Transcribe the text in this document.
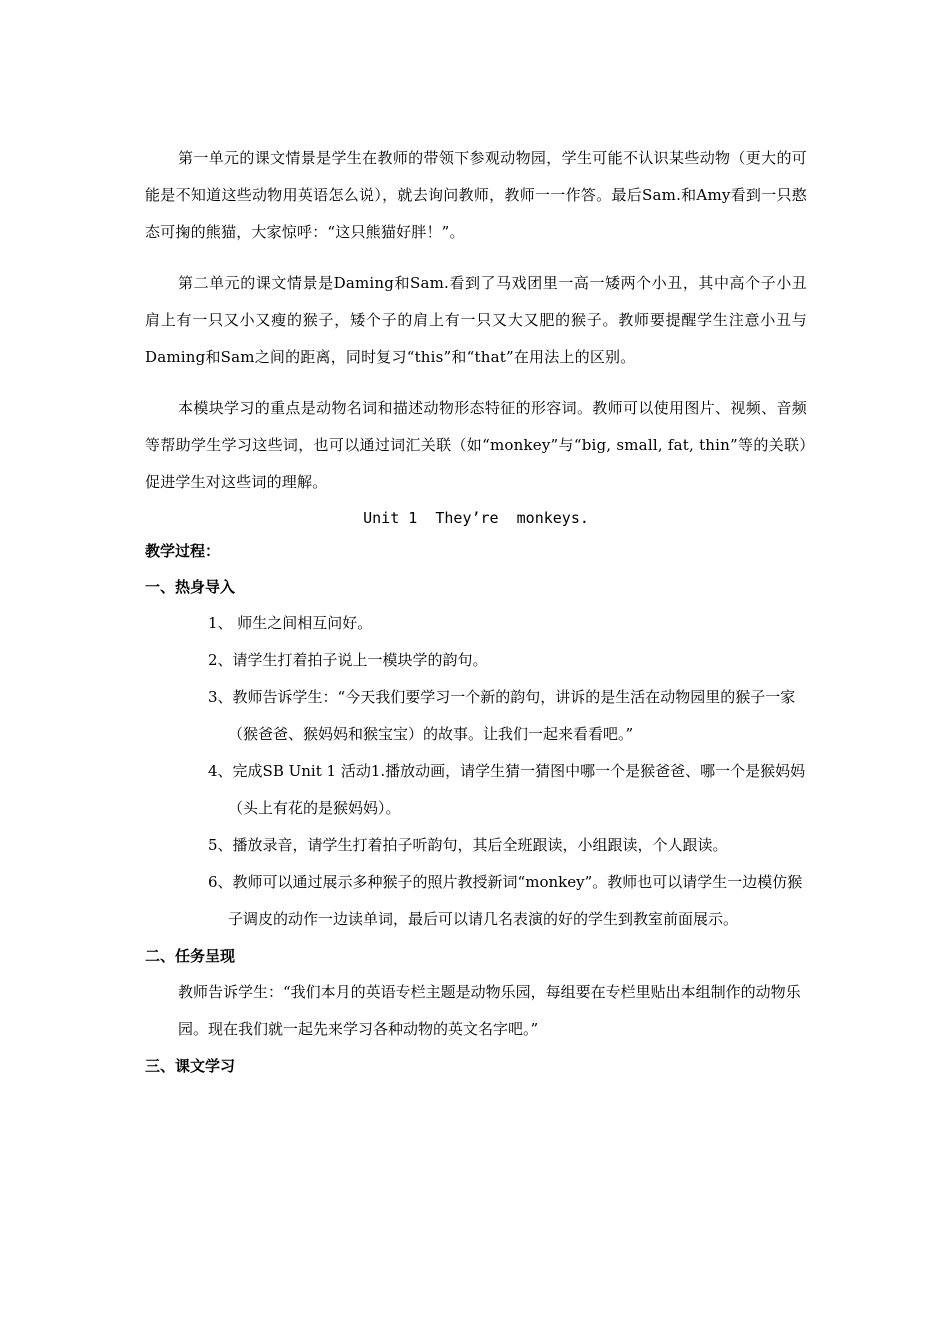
第一单元的课文情景是学生在教师的带领下参观动物园，学生可能不认识某些动物（更大的可能是不知道这些动物用英语怎么说），就去询问教师，教师一一作答。最后Sam.和Amy看到一只憨态可掬的熊猫，大家惊呼：“这只熊猫好胖！”。

第二单元的课文情景是Daming和Sam.看到了马戏团里一高一矮两个小丑，其中高个子小丑肩上有一只又小又瘦的猴子，矮个子的肩上有一只又大又肥的猴子。教师要提醒学生注意小丑与Daming和Sam之间的距离，同时复习“this”和“that”在用法上的区别。

本模块学习的重点是动物名词和描述动物形态特征的形容词。教师可以使用图片、视频、音频等帮助学生学习这些词，也可以通过词汇关联（如“monkey”与“big, small, fat, thin”等的关联）促进学生对这些词的理解。

Unit 1  They’re  monkeys.

教学过程：

一、热身导入

1、 师生之间相互问好。

2、请学生打着拍子说上一模块学的韵句。

3、教师告诉学生：“今天我们要学习一个新的韵句，讲诉的是生活在动物园里的猴子一家（猴爸爸、猴妈妈和猴宝宝）的故事。让我们一起来看看吧。”

4、完成SB Unit 1 活动1.播放动画，请学生猜一猜图中哪一个是猴爸爸、哪一个是猴妈妈（头上有花的是猴妈妈）。

5、播放录音，请学生打着拍子听韵句，其后全班跟读，小组跟读，个人跟读。

6、教师可以通过展示多种猴子的照片教授新词“monkey”。教师也可以请学生一边模仿猴子调皮的动作一边读单词，最后可以请几名表演的好的学生到教室前面展示。

二、任务呈现

教师告诉学生：“我们本月的英语专栏主题是动物乐园，每组要在专栏里贴出本组制作的动物乐园。现在我们就一起先来学习各种动物的英文名字吧。”

三、课文学习
